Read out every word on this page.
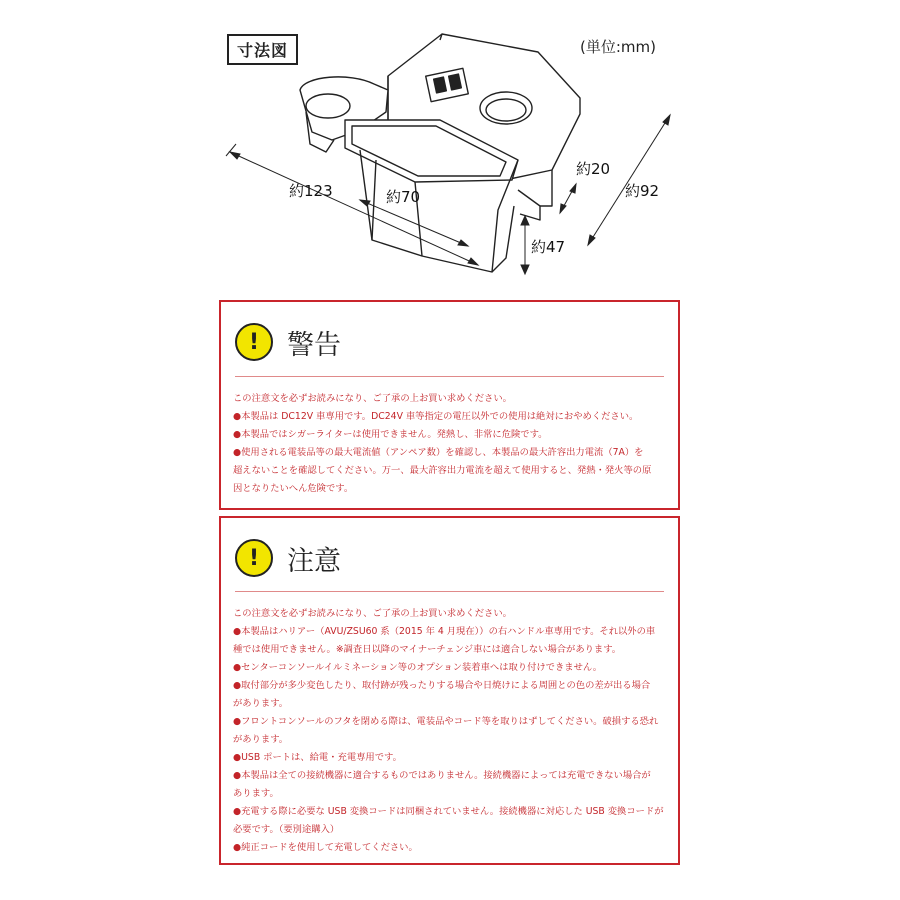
寸法図	(単位:mm)
約123	約70
約20
約92
約47
!	警告

この注意文を必ずお読みになり、ご了承の上お買い求めください。

●本製品は DC12V 車専用です。DC24V 車等指定の電圧以外での使用は絶対におやめください。

●本製品ではシガーライターは使用できません。発熱し、非常に危険です。

●使用される電装品等の最大電流値（アンペア数）を確認し、本製品の最大許容出力電流（7A）を

超えないことを確認してください。万一、最大許容出力電流を超えて使用すると、発熱・発火等の原

因となりたいへん危険です。

!	注意

この注意文を必ずお読みになり、ご了承の上お買い求めください。

●本製品はハリアー（AVU/ZSU60 系（2015 年 4 月現在））の右ハンドル車専用です。それ以外の車

種では使用できません。※調査日以降のマイナーチェンジ車には適合しない場合があります。

●センターコンソールイルミネーション等のオプション装着車へは取り付けできません。

●取付部分が多少変色したり、取付跡が残ったりする場合や日焼けによる周囲との色の差が出る場合

があります。

●フロントコンソールのフタを閉める際は、電装品やコード等を取りはずしてください。破損する恐れ

があります。

●USB ポートは、給電・充電専用です。

●本製品は全ての接続機器に適合するものではありません。接続機器によっては充電できない場合が

あります。

●充電する際に必要な USB 変換コードは同梱されていません。接続機器に対応した USB 変換コードが

必要です。（要別途購入）

●純正コードを使用して充電してください。
